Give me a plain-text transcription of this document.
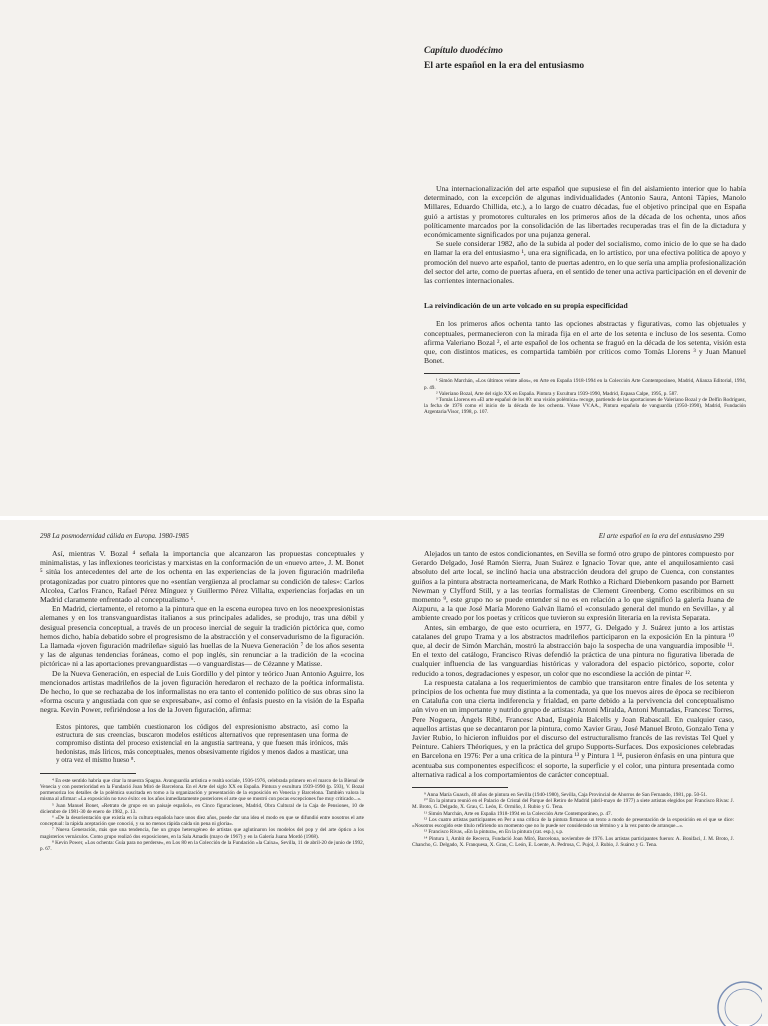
Capítulo duodécimo
El arte español en la era del entusiasmo

Una internacionalización del arte español que supusiese el fin del aislamiento interior que lo había determinado, con la excepción de algunas individualidades (Antonio Saura, Antoni Tàpies, Manolo Millares, Eduardo Chillida, etc.), a lo largo de cuatro décadas, fue el objetivo principal que en España guió a artistas y promotores culturales en los primeros años de la década de los ochenta, unos años políticamente marcados por la consolidación de las libertades recuperadas tras el fin de la dictadura y económicamente significados por una pujanza general.

Se suele considerar 1982, año de la subida al poder del socialismo, como inicio de lo que se ha dado en llamar la era del entusiasmo ¹, una era significada, en lo artístico, por una efectiva política de apoyo y promoción del nuevo arte español, tanto de puertas adentro, en lo que sería una amplia profesionalización del sector del arte, como de puertas afuera, en el sentido de tener una activa participación en el devenir de las corrientes internacionales.

La reivindicación de un arte volcado en su propia especificidad

En los primeros años ochenta tanto las opciones abstractas y figurativas, como las objetuales y conceptuales, permanecieron con la mirada fija en el arte de los setenta e incluso de los sesenta. Como afirma Valeriano Bozal ², el arte español de los ochenta se fraguó en la década de los setenta, visión esta que, con distintos matices, es compartida también por críticos como Tomàs Llorens ³ y Juan Manuel Bonet.

¹ Simón Marchán, «Los últimos veinte años», en Arte en España 1918-1994 en la Colección Arte Contemporáneo, Madrid, Alianza Editorial, 1994, p. 49.

² Valeriano Bozal, Arte del siglo XX en España. Pintura y Escultura 1939-1990, Madrid, Espasa Calpe, 1995, p. 587.

³ Tomàs Llorens en «El arte español de los 80: una visión polémica» recoge, partiendo de las aportaciones de Valeriano Bozal y de Delfín Rodríguez, la fecha de 1976 como el inicio de la década de los ochenta. Véase VV.AA., Pintura española de vanguardia (1950-1990), Madrid, Fundación Argentaria/Visor, 1998, p. 107.

298 La posmodernidad cálida en Europa. 1980-1985	El arte español en la era del entusiasmo 299

Así, mientras V. Bozal ⁴ señala la importancia que alcanzaron las propuestas conceptuales y minimalistas, y las inflexiones teoricistas y marxistas en la conformación de un «nuevo arte», J. M. Bonet ⁵ sitúa los antecedentes del arte de los ochenta en las experiencias de la joven figuración madrileña protagonizadas por cuatro pintores que no «sentían vergüenza al proclamar su condición de tales»: Carlos Alcolea, Carlos Franco, Rafael Pérez Mínguez y Guillermo Pérez Villalta, experiencias forjadas en un Madrid claramente enfrentado al conceptualismo ⁶.

En Madrid, ciertamente, el retorno a la pintura que en la escena europea tuvo en los neoexpresionistas alemanes y en los transvanguardistas italianos a sus principales adalides, se produjo, tras una débil y desigual presencia conceptual, a través de un proceso inercial de seguir la tradición pictórica que, como hemos dicho, había debatido sobre el progresismo de la abstracción y el conservadurismo de la figuración. La llamada «joven figuración madrileña» siguió las huellas de la Nueva Generación ⁷ de los años sesenta y las de algunas tendencias foráneas, como el pop inglés, sin renunciar a la tradición de la «cocina pictórica» ni a las aportaciones prevanguardistas —o vanguardistas— de Cézanne y Matisse.

De la Nueva Generación, en especial de Luis Gordillo y del pintor y teórico Juan Antonio Aguirre, los mencionados artistas madrileños de la joven figuración heredaron el rechazo de la poética informalista. De hecho, lo que se rechazaba de los informalistas no era tanto el contenido político de sus obras sino la «forma oscura y angustiada con que se expresaban», así como el énfasis puesto en la visión de la España negra. Kevin Power, refiriéndose a los de la Joven figuración, afirma:

Estos pintores, que también cuestionaron los códigos del expresionismo abstracto, así como la estructura de sus creencias, buscaron modelos estéticos alternativos que representasen una forma de compromiso distinta del proceso existencial en la angustia sartreana, y que fuesen más irónicos, más hedonistas, más líricos, más conceptuales, menos obsesivamente rígidos y menos dados a masticar, una y otra vez el mismo hueso ⁸.

⁴ En este sentido habría que citar la muestra Spagna. Avanguardia artistica e realtà sociale, 1936-1976, celebrada primero en el marco de la Bienal de Venecia y con posterioridad en la Fundació Joan Miró de Barcelona. En el Arte del siglo XX en España. Pintura y escultura 1939-1990 (p. 593), V. Bozal pormenoriza los detalles de la polémica suscitada en torno a la organización y presentación de la exposición en Venecia y Barcelona. También valora la misma al afirmar: «La exposición no tuvo éxito: en los años inmediatamente posteriores el arte que se mostró con pocas excepciones fue muy criticado...».

⁵ Juan Manuel Bonet, «Retrato de grupo en un paisaje español», en Cinco figuraciones, Madrid, Obra Cultural de la Caja de Pensiones, 10 de diciembre de 1981-30 de enero de 1982, p. 13.

⁶ «De la desorientación que existía en la cultura española hace unos diez años, puede dar una idea el modo en que se difundió entre nosotros el arte conceptual: la rápida aceptación que conoció, y su no menos rápida caída sin pena ni gloria».

⁷ Nueva Generación, más que una tendencia, fue un grupo heterogéneo de artistas que aglutinaron los modelos del pop y del arte óptico a los magisterios vernáculos. Como grupo realizó dos exposiciones, en la Sala Amadís (mayo de 1967) y en la Galería Juana Mordó (1968).

⁸ Kevin Power, «Los ochenta: Guía para no perderse», en Los 80 en la Colección de la Fundación «la Caixa», Sevilla, 11 de abril-20 de junio de 1992, p. 67.

Alejados un tanto de estos condicionantes, en Sevilla se formó otro grupo de pintores compuesto por Gerardo Delgado, José Ramón Sierra, Juan Suárez e Ignacio Tovar que, ante el anquilosamiento casi absoluto del arte local, se inclinó hacia una abstracción deudora del grupo de Cuenca, con constantes guiños a la pintura abstracta norteamericana, de Mark Rothko a Richard Diebenkorn pasando por Barnett Newman y Clyfford Still, y a las teorías formalistas de Clement Greenberg. Como escribimos en su momento ⁹, este grupo no se puede entender si no es en relación a lo que significó la galería Juana de Aizpuru, a la que José María Moreno Galván llamó el «consulado general del mundo en Sevilla», y al ambiente creado por los poetas y críticos que tuvieron su expresión literaria en la revista Separata.

Antes, sin embargo, de que esto ocurriera, en 1977, G. Delgado y J. Suárez junto a los artistas catalanes del grupo Trama y a los abstractos madrileños participaron en la exposición En la pintura ¹⁰ que, al decir de Simón Marchán, mostró la abstracción bajo la sospecha de una vanguardia imposible ¹¹. En el texto del catálogo, Francisco Rivas defendió la práctica de una pintura no figurativa liberada de cualquier influencia de las vanguardias históricas y valoradora del espacio pictórico, soporte, color reducido a tonos, degradaciones y espesor, un color que no escondiese la acción de pintar ¹².

La respuesta catalana a los requerimientos de cambio que transitaron entre finales de los setenta y principios de los ochenta fue muy distinta a la comentada, ya que los nuevos aires de época se recibieron en Cataluña con una cierta indiferencia y frialdad, en parte debido a la pervivencia del conceptualismo aún vivo en un importante y nutrido grupo de artistas: Antoni Miralda, Antoni Muntadas, Francesc Torres, Pere Noguera, Àngels Ribé, Francesc Abad, Eugènia Balcells y Joan Rabascall. En cualquier caso, aquellos artistas que se decantaron por la pintura, como Xavier Grau, José Manuel Broto, Gonzalo Tena y Javier Rubio, lo hicieron influidos por el discurso del estructuralismo francés de las revistas Tel Quel y Peinture. Cahiers Théoriques, y en la práctica del grupo Supports-Surfaces. Dos exposiciones celebradas en Barcelona en 1976: Per a una crítica de la pintura ¹³ y Pintura 1 ¹⁴, pusieron énfasis en una pintura que acentuaba sus componentes específicos: el soporte, la superficie y el color, una pintura presentada como alternativa radical a los comportamientos de carácter conceptual.

⁹ Anna María Guasch, 40 años de pintura en Sevilla (1940-1980), Sevilla, Caja Provincial de Ahorros de San Fernando, 1981, pp. 50-51.

¹⁰ En la pintura reunió en el Palacio de Cristal del Parque del Retiro de Madrid (abril-mayo de 1977) a siete artistas elegidos por Francisco Rivas: J. M. Broto, G. Delgado, X. Grau, C. León, E. Ormiño, J. Rubio y G. Tena.

¹¹ Simón Marchán, Arte en España 1918-1994 en la Colección Arte Contemporáneo, p. 47.

¹² Los cuatro artistas participantes en Per a una crítica de la pintura firmaron un texto a modo de presentación de la exposición en el que se dice: «Nosotros escogido este título refiriendo un momento que no lo puede ser considerado un término y a la vez punto de arranque...».

¹³ Francisco Rivas, «En la pintura», en En la pintura (cat. esp.), s.p.

¹⁴ Pintura 1, Ambit de Recerca, Fundació Joan Miró, Barcelona, noviembre de 1976. Los artistas participantes fueron: A. Bonifaci, J. M. Broto, J. Chancho, G. Delgado, X. Franquesa, X. Grau, C. León, E. Loente, A. Pedrosa, C. Pujol, J. Rubio, J. Suárez y G. Tena.
